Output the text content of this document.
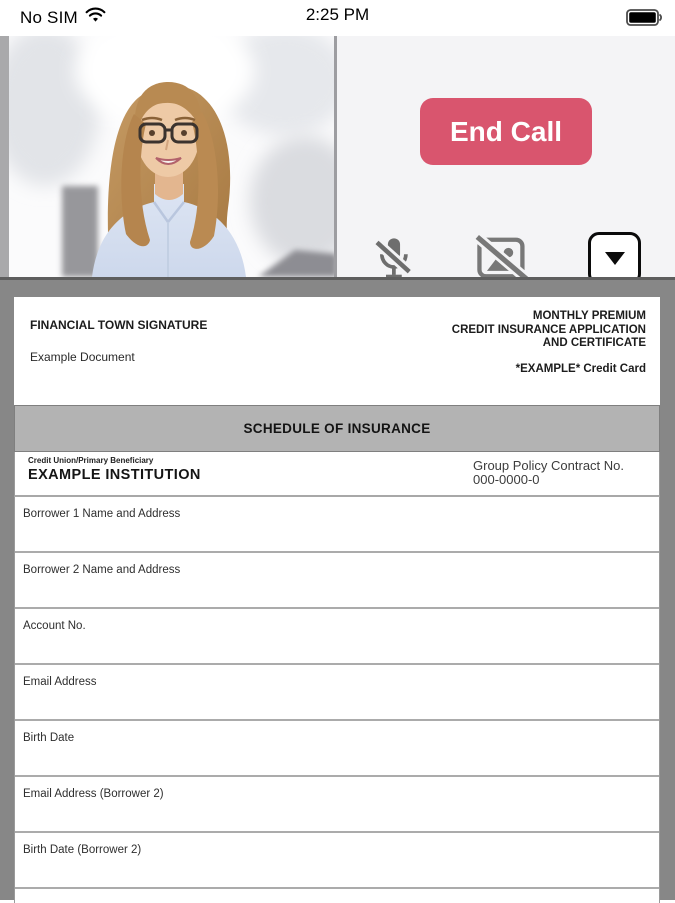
No SIM	2:25 PM
End Call
FINANCIAL TOWN SIGNATURE
Example Document
MONTHLY PREMIUM
CREDIT INSURANCE APPLICATION
AND CERTIFICATE
*EXAMPLE* Credit Card
SCHEDULE OF INSURANCE
Credit Union/Primary Beneficiary
EXAMPLE INSTITUTION
Group Policy Contract No.
000-0000-0
Borrower 1 Name and Address
Borrower 2 Name and Address
Account No.
Email Address
Birth Date
Email Address (Borrower 2)
Birth Date (Borrower 2)
